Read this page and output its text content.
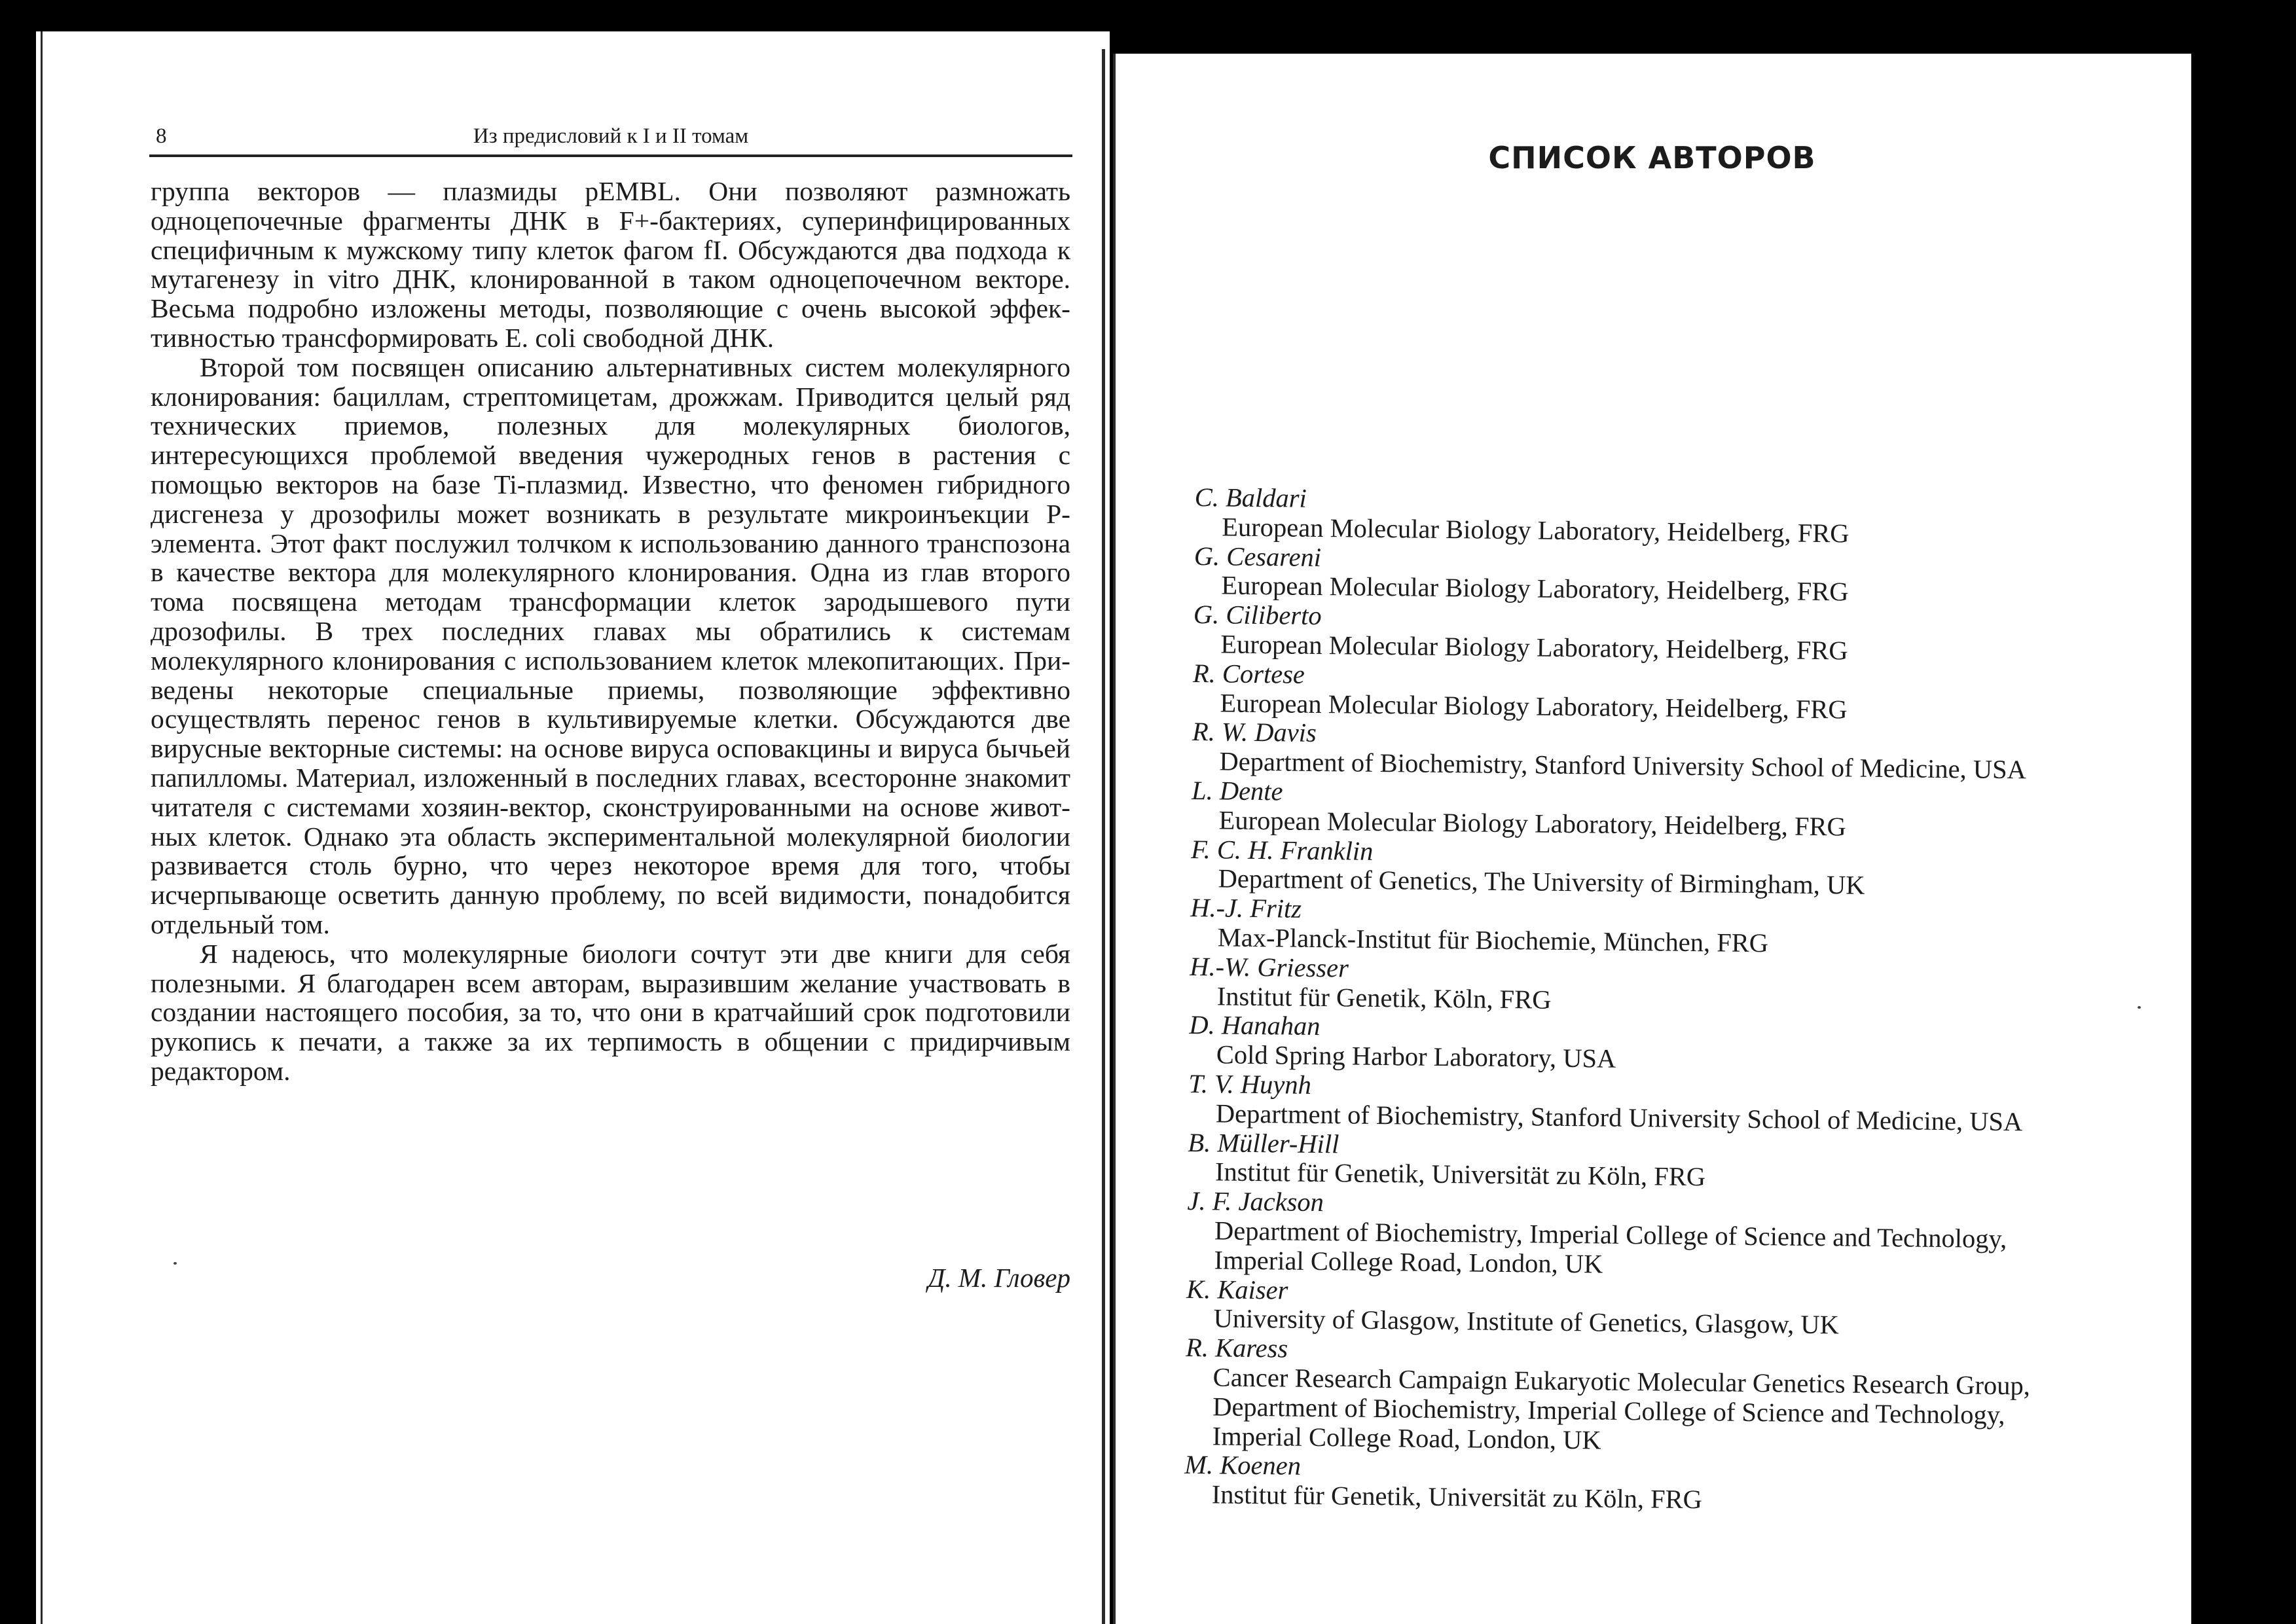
8	Из предисловий к I и II томам

группа векторов — плазмиды pEMBL. Они позволяют размножать одноцепочечные фрагменты ДНК в F+-бактериях, суперинфицированных специфичным к мужскому типу клеток фагом fI. Обсуждаются два подхода к мутагенезу in vitro ДНК, клонированной в таком одноцепочечном векторе. Весьма подробно изложены методы, позволяющие с очень высокой эффективностью трансформировать E. coli свободной ДНК.

Второй том посвящен описанию альтернативных систем молекулярного клонирования: бациллам, стрептомицетам, дрожжам. Приводится целый ряд технических приемов, полезных для молекулярных биологов, интересующихся проблемой введения чужеродных генов в растения с помощью векторов на базе Ti-плазмид. Известно, что феномен гибридного дисгенеза у дрозофилы может возникать в результате микроинъекции P-элемента. Этот факт послужил толчком к использованию данного транспозона в качестве вектора для молекулярного клонирования. Одна из глав второго тома посвящена методам трансформации клеток зародышевого пути дрозофилы. В трех последних главах мы обратились к системам молекулярного клонирования с использованием клеток млекопитающих. Приведены некоторые специальные приемы, позволяющие эффективно осуществлять перенос генов в культивируемые клетки. Обсуждаются две вирусные векторные системы: на основе вируса осповакцины и вируса бычьей папилломы. Материал, изложенный в последних главах, всесторонне знакомит читателя с системами хозяин-вектор, сконструированными на основе животных клеток. Однако эта область экспериментальной молекулярной биологии развивается столь бурно, что через некоторое время для того, чтобы исчерпывающе осветить данную проблему, по всей видимости, понадобится отдельный том.

Я надеюсь, что молекулярные биологи сочтут эти две книги для себя полезными. Я благодарен всем авторам, выразившим желание участвовать в создании настоящего пособия, за то, что они в кратчайший срок подготовили рукопись к печати, а также за их терпимость в общении с придирчивым редактором.

Д. М. Гловер
СПИСОК АВТОРОВ
C. Baldari
European Molecular Biology Laboratory, Heidelberg, FRG
G. Cesareni
European Molecular Biology Laboratory, Heidelberg, FRG
G. Ciliberto
European Molecular Biology Laboratory, Heidelberg, FRG
R. Cortese
European Molecular Biology Laboratory, Heidelberg, FRG
R. W. Davis
Department of Biochemistry, Stanford University School of Medicine, USA
L. Dente
European Molecular Biology Laboratory, Heidelberg, FRG
F. C. H. Franklin
Department of Genetics, The University of Birmingham, UK
H.-J. Fritz
Max-Planck-Institut für Biochemie, München, FRG
H.-W. Griesser
Institut für Genetik, Köln, FRG
D. Hanahan
Cold Spring Harbor Laboratory, USA
T. V. Huynh
Department of Biochemistry, Stanford University School of Medicine, USA
B. Müller-Hill
Institut für Genetik, Universität zu Köln, FRG
J. F. Jackson
Department of Biochemistry, Imperial College of Science and Technology, Imperial College Road, London, UK
K. Kaiser
University of Glasgow, Institute of Genetics, Glasgow, UK
R. Karess
Cancer Research Campaign Eukaryotic Molecular Genetics Research Group, Department of Biochemistry, Imperial College of Science and Technology, Imperial College Road, London, UK
M. Koenen
Institut für Genetik, Universität zu Köln, FRG
